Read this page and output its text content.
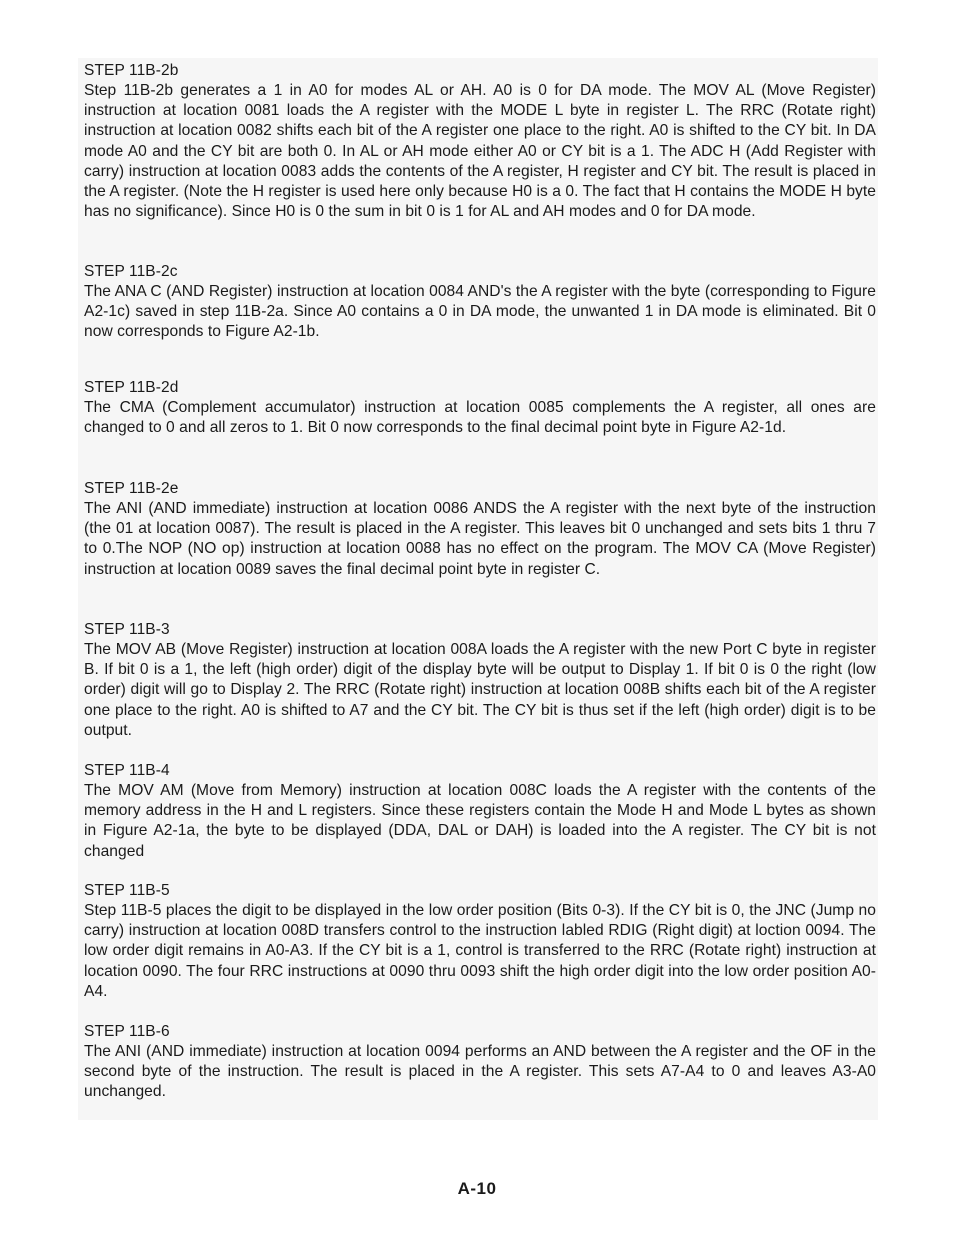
STEP 11B-2b

Step 11B-2b generates a 1 in A0 for modes AL or AH. A0 is 0 for DA mode. The MOV AL (Move Register) instruction at location 0081 loads the A register with the MODE L byte in register L. The RRC (Rotate right) instruction at location 0082 shifts each bit of the A register one place to the right. A0 is shifted to the CY bit. In DA mode A0 and the CY bit are both 0. In AL or AH mode either A0 or CY bit is a 1. The ADC H (Add Register with carry) instruction at location 0083 adds the contents of the A register, H register and CY bit. The result is placed in the A register. (Note the H register is used here only because H0 is a 0. The fact that H contains the MODE H byte has no significance). Since H0 is 0 the sum in bit 0 is 1 for AL and AH modes and 0 for DA mode.

STEP 11B-2c

The ANA C (AND Register) instruction at location 0084 AND's the A register with the byte (corresponding to Figure A2-1c) saved in step 11B-2a. Since A0 contains a 0 in DA mode, the unwanted 1 in DA mode is eliminated. Bit 0 now corresponds to Figure A2-1b.

STEP 11B-2d

The CMA (Complement accumulator) instruction at location 0085 complements the A register, all ones are changed to 0 and all zeros to 1. Bit 0 now corresponds to the final decimal point byte in Figure A2-1d.

STEP 11B-2e

The ANI (AND immediate) instruction at location 0086 ANDS the A register with the next byte of the instruction (the 01 at location 0087). The result is placed in the A register. This leaves bit 0 unchanged and sets bits 1 thru 7 to 0.The NOP (NO op) instruction at location 0088 has no effect on the program. The MOV CA (Move Register) instruction at location 0089 saves the final decimal point byte in register C.

STEP 11B-3

The MOV AB (Move Register) instruction at location 008A loads the A register with the new Port C byte in register B. If bit 0 is a 1, the left (high order) digit of the display byte will be output to Display 1. If bit 0 is 0 the right (low order) digit will go to Display 2. The RRC (Rotate right) instruction at location 008B shifts each bit of the A register one place to the right. A0 is shifted to A7 and the CY bit. The CY bit is thus set if the left (high order) digit is to be output.

STEP 11B-4

The MOV AM (Move from Memory) instruction at location 008C loads the A register with the contents of the memory address in the H and L registers. Since these registers contain the Mode H and Mode L bytes as shown in Figure A2-1a, the byte to be displayed (DDA, DAL or DAH) is loaded into the A register. The CY bit is not changed

STEP 11B-5

Step 11B-5 places the digit to be displayed in the low order position (Bits 0-3). If the CY bit is 0, the JNC (Jump no carry) instruction at location 008D transfers control to the instruction labled RDIG (Right digit) at loction 0094. The low order digit remains in A0-A3. If the CY bit is a 1, control is transferred to the RRC (Rotate right) instruction at location 0090. The four RRC instructions at 0090 thru 0093 shift the high order digit into the low order position A0-A4.

STEP 11B-6

The ANI (AND immediate) instruction at location 0094 performs an AND between the A register and the OF in the second byte of the instruction. The result is placed in the A register. This sets A7-A4 to 0 and leaves A3-A0 unchanged.

A-10
